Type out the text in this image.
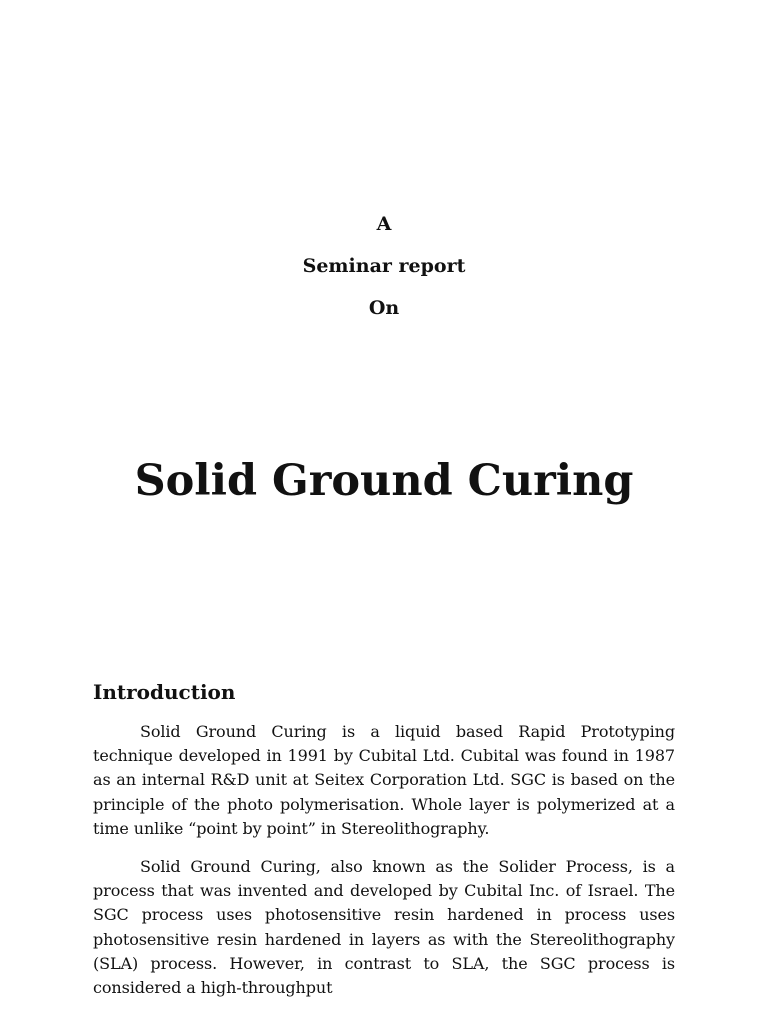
A
Seminar report
On
Solid Ground Curing
Introduction

Solid Ground Curing is a liquid based Rapid Prototyping technique developed in 1991 by Cubital Ltd. Cubital was found in 1987 as an internal R&D unit at Seitex Corporation Ltd. SGC is based on the principle of the photo polymerisation. Whole layer is polymerized at a time unlike “point by point” in Stereolithography.

Solid Ground Curing, also known as the Solider Process, is a process that was invented and developed by Cubital Inc. of Israel. The SGC process uses photosensitive resin hardened in process uses photosensitive resin hardened in layers as with the Stereolithography (SLA) process. However, in contrast to SLA, the SGC process is considered a high-throughput
